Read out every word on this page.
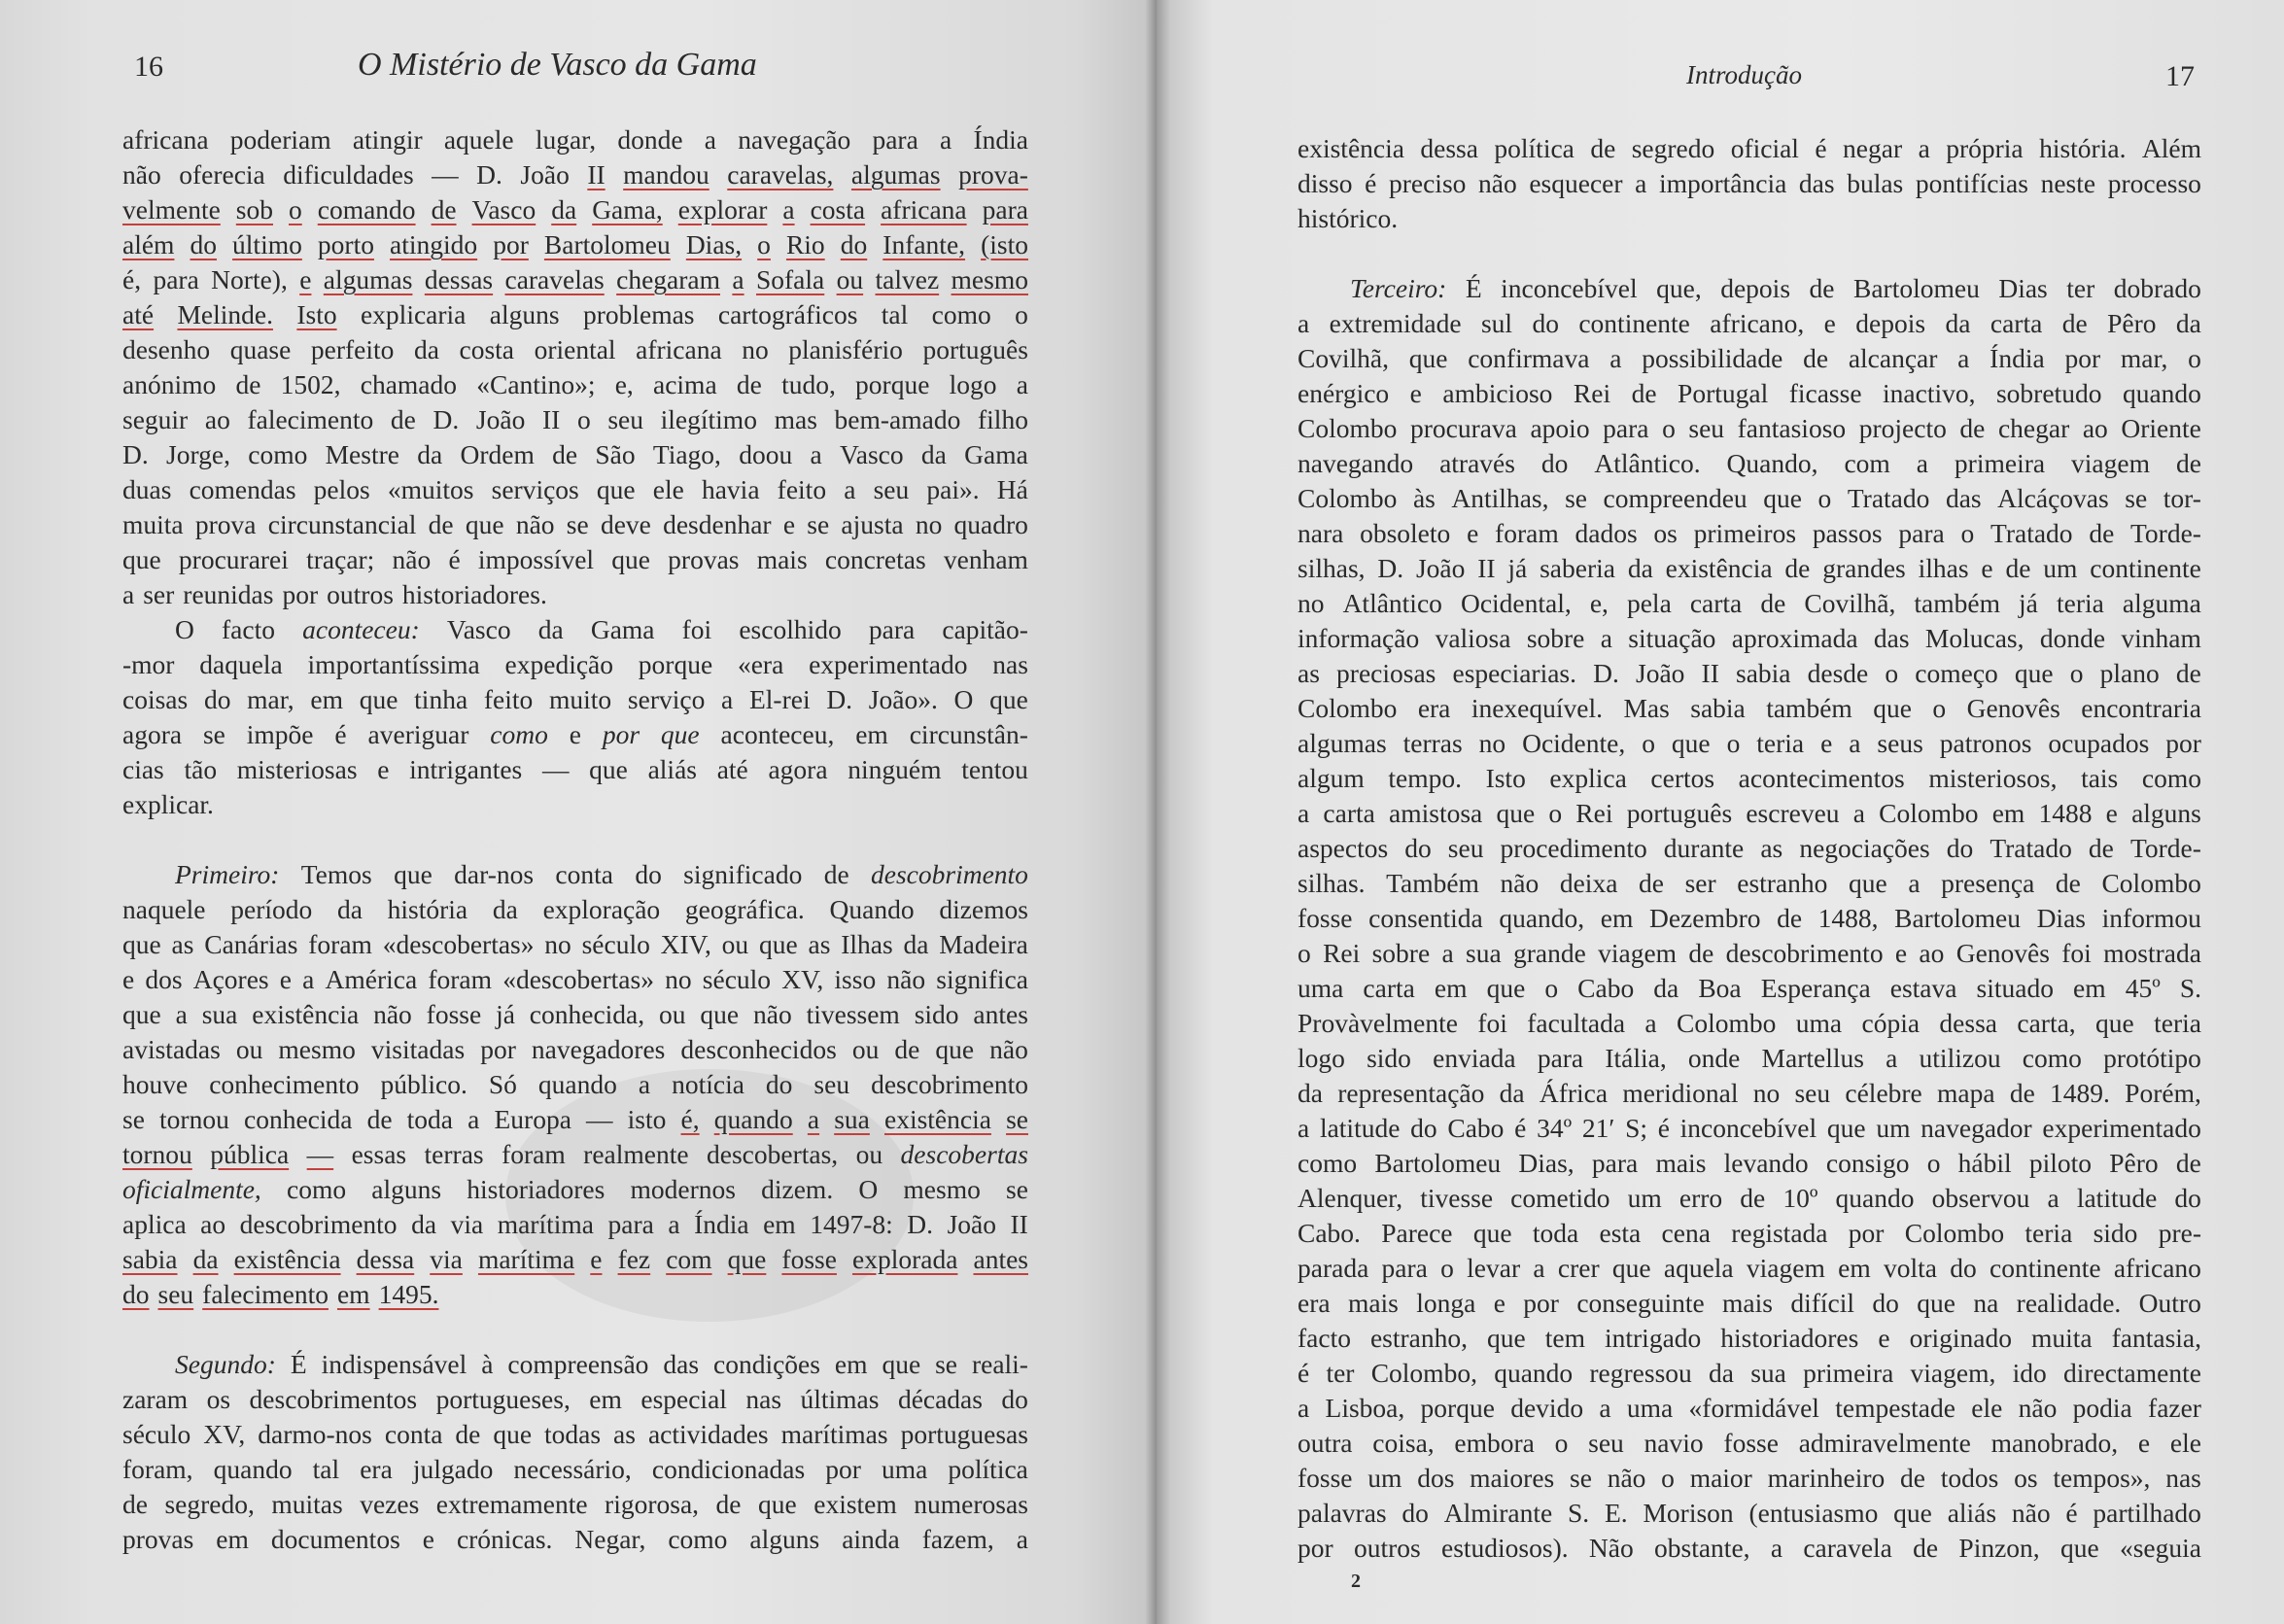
16	O Mistério de Vasco da Gama
africana poderiam atingir aquele lugar, donde a navegação para a Índia
não oferecia dificuldades — D. João II mandou caravelas, algumas prova-
velmente sob o comando de Vasco da Gama, explorar a costa africana para
além do último porto atingido por Bartolomeu Dias, o Rio do Infante, (isto
é, para Norte), e algumas dessas caravelas chegaram a Sofala ou talvez mesmo
até Melinde. Isto explicaria alguns problemas cartográficos tal como o
desenho quase perfeito da costa oriental africana no planisfério português
anónimo de 1502, chamado «Cantino»; e, acima de tudo, porque logo a
seguir ao falecimento de D. João II o seu ilegítimo mas bem-amado filho
D. Jorge, como Mestre da Ordem de São Tiago, doou a Vasco da Gama
duas comendas pelos «muitos serviços que ele havia feito a seu pai». Há
muita prova circunstancial de que não se deve desdenhar e se ajusta no quadro
que procurarei traçar; não é impossível que provas mais concretas venham
a ser reunidas por outros historiadores.
O facto aconteceu: Vasco da Gama foi escolhido para capitão-
-mor daquela importantíssima expedição porque «era experimentado nas
coisas do mar, em que tinha feito muito serviço a El-rei D. João». O que
agora se impõe é averiguar como e por que aconteceu, em circunstân-
cias tão misteriosas e intrigantes — que aliás até agora ninguém tentou
explicar.
Primeiro: Temos que dar-nos conta do significado de descobrimento
naquele período da história da exploração geográfica. Quando dizemos
que as Canárias foram «descobertas» no século XIV, ou que as Ilhas da Madeira
e dos Açores e a América foram «descobertas» no século XV, isso não significa
que a sua existência não fosse já conhecida, ou que não tivessem sido antes
avistadas ou mesmo visitadas por navegadores desconhecidos ou de que não
houve conhecimento público. Só quando a notícia do seu descobrimento
se tornou conhecida de toda a Europa — isto é, quando a sua existência se
tornou pública — essas terras foram realmente descobertas, ou descobertas
oficialmente, como alguns historiadores modernos dizem. O mesmo se
aplica ao descobrimento da via marítima para a Índia em 1497-8: D. João II
sabia da existência dessa via marítima e fez com que fosse explorada antes
do seu falecimento em 1495.
Segundo: É indispensável à compreensão das condições em que se reali-
zaram os descobrimentos portugueses, em especial nas últimas décadas do
século XV, darmo-nos conta de que todas as actividades marítimas portuguesas
foram, quando tal era julgado necessário, condicionadas por uma política
de segredo, muitas vezes extremamente rigorosa, de que existem numerosas
provas em documentos e crónicas. Negar, como alguns ainda fazem, a
Introdução	17
existência dessa política de segredo oficial é negar a própria história. Além
disso é preciso não esquecer a importância das bulas pontifícias neste processo
histórico.
Terceiro: É inconcebível que, depois de Bartolomeu Dias ter dobrado
a extremidade sul do continente africano, e depois da carta de Pêro da
Covilhã, que confirmava a possibilidade de alcançar a Índia por mar, o
enérgico e ambicioso Rei de Portugal ficasse inactivo, sobretudo quando
Colombo procurava apoio para o seu fantasioso projecto de chegar ao Oriente
navegando através do Atlântico. Quando, com a primeira viagem de
Colombo às Antilhas, se compreendeu que o Tratado das Alcáçovas se tor-
nara obsoleto e foram dados os primeiros passos para o Tratado de Torde-
silhas, D. João II já saberia da existência de grandes ilhas e de um continente
no Atlântico Ocidental, e, pela carta de Covilhã, também já teria alguma
informação valiosa sobre a situação aproximada das Molucas, donde vinham
as preciosas especiarias. D. João II sabia desde o começo que o plano de
Colombo era inexequível. Mas sabia também que o Genovês encontraria
algumas terras no Ocidente, o que o teria e a seus patronos ocupados por
algum tempo. Isto explica certos acontecimentos misteriosos, tais como
a carta amistosa que o Rei português escreveu a Colombo em 1488 e alguns
aspectos do seu procedimento durante as negociações do Tratado de Torde-
silhas. Também não deixa de ser estranho que a presença de Colombo
fosse consentida quando, em Dezembro de 1488, Bartolomeu Dias informou
o Rei sobre a sua grande viagem de descobrimento e ao Genovês foi mostrada
uma carta em que o Cabo da Boa Esperança estava situado em 45º S.
Provàvelmente foi facultada a Colombo uma cópia dessa carta, que teria
logo sido enviada para Itália, onde Martellus a utilizou como protótipo
da representação da África meridional no seu célebre mapa de 1489. Porém,
a latitude do Cabo é 34º 21′ S; é inconcebível que um navegador experimentado
como Bartolomeu Dias, para mais levando consigo o hábil piloto Pêro de
Alenquer, tivesse cometido um erro de 10º quando observou a latitude do
Cabo. Parece que toda esta cena registada por Colombo teria sido pre-
parada para o levar a crer que aquela viagem em volta do continente africano
era mais longa e por conseguinte mais difícil do que na realidade. Outro
facto estranho, que tem intrigado historiadores e originado muita fantasia,
é ter Colombo, quando regressou da sua primeira viagem, ido directamente
a Lisboa, porque devido a uma «formidável tempestade ele não podia fazer
outra coisa, embora o seu navio fosse admiravelmente manobrado, e ele
fosse um dos maiores se não o maior marinheiro de todos os tempos», nas
palavras do Almirante S. E. Morison (entusiasmo que aliás não é partilhado
por outros estudiosos). Não obstante, a caravela de Pinzon, que «seguia
2
